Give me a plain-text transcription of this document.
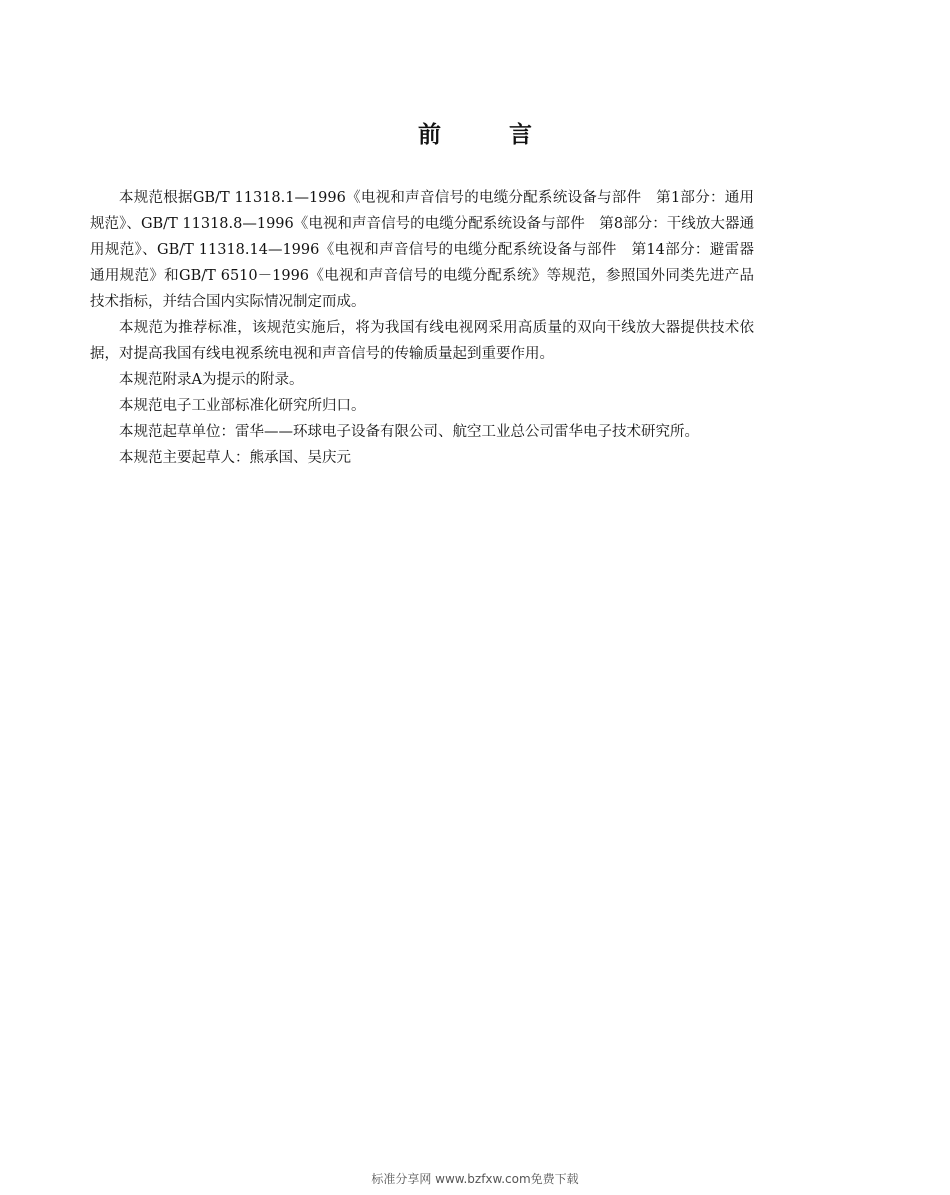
前言

本规范根据GB/T 11318.1—1996《电视和声音信号的电缆分配系统设备与部件　第1部分：通用规范》、GB/T 11318.8—1996《电视和声音信号的电缆分配系统设备与部件　第8部分：干线放大器通用规范》、GB/T 11318.14—1996《电视和声音信号的电缆分配系统设备与部件　第14部分：避雷器通用规范》和GB/T 6510－1996《电视和声音信号的电缆分配系统》等规范，参照国外同类先进产品技术指标，并结合国内实际情况制定而成。

本规范为推荐标准，该规范实施后，将为我国有线电视网采用高质量的双向干线放大器提供技术依据，对提高我国有线电视系统电视和声音信号的传输质量起到重要作用。

本规范附录A为提示的附录。

本规范电子工业部标准化研究所归口。

本规范起草单位：雷华——环球电子设备有限公司、航空工业总公司雷华电子技术研究所。

本规范主要起草人：熊承国、吴庆元

标准分享网 www.bzfxw.com免费下载
